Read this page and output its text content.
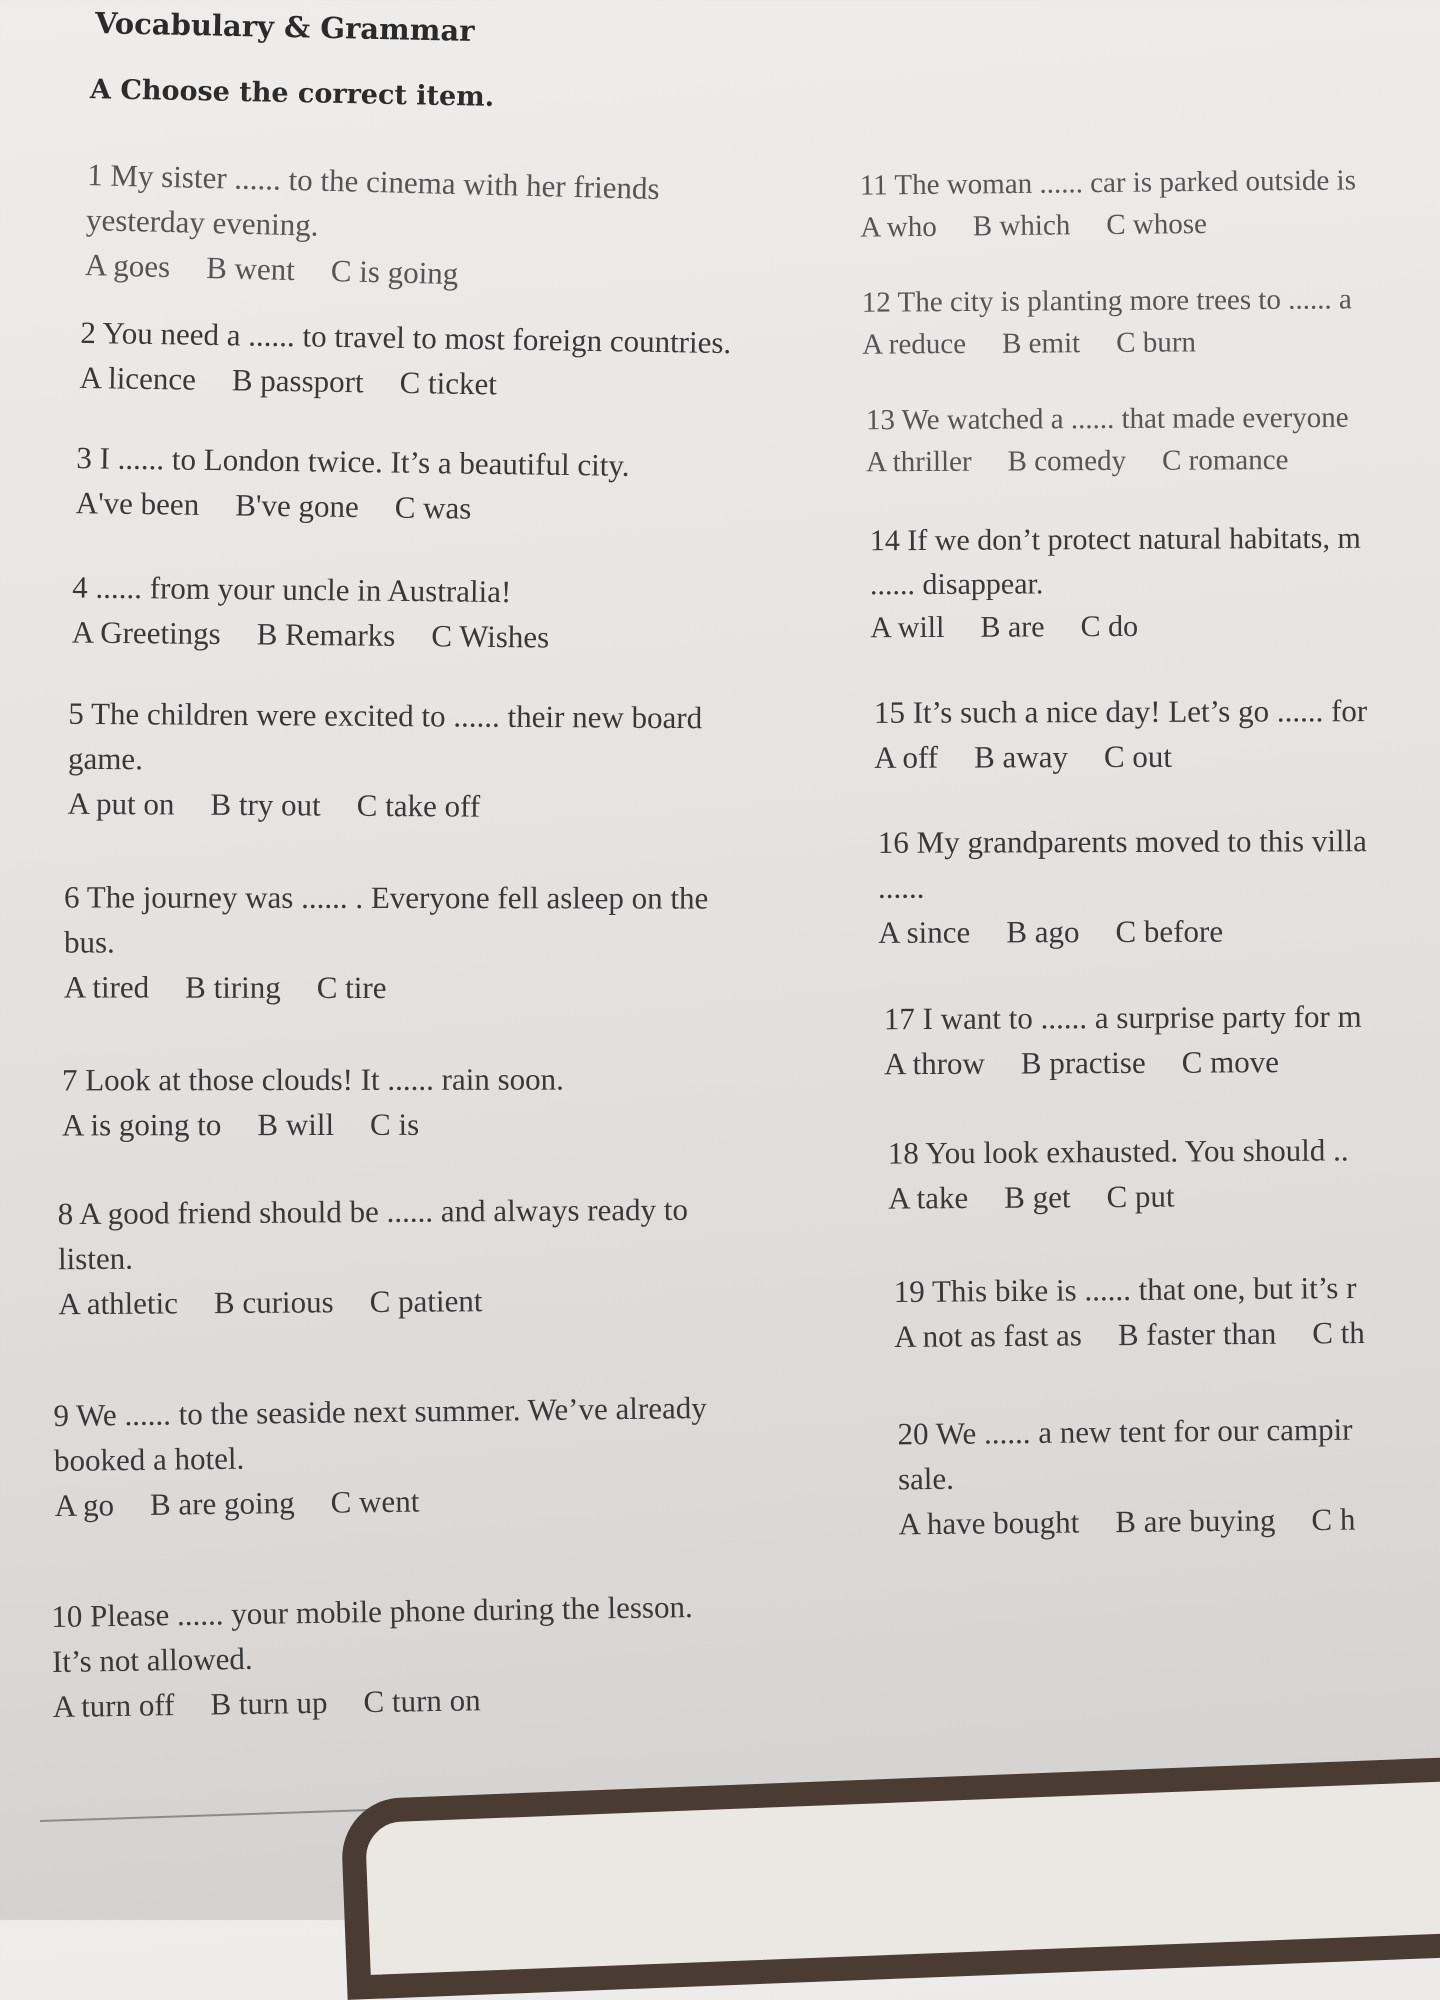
Vocabulary & Grammar
A Choose the correct item.
1 My sister ...... to the cinema with her friends
yesterday evening.
A goes B went C is going
2 You need a ...... to travel to most foreign countries.
A licence B passport C ticket
3 I ...... to London twice. It’s a beautiful city.
A've been B've gone C was
4 ...... from your uncle in Australia!
A Greetings B Remarks C Wishes
5 The children were excited to ...... their new board
game.
A put on B try out C take off
6 The journey was ...... . Everyone fell asleep on the
bus.
A tired B tiring C tire
7 Look at those clouds! It ...... rain soon.
A is going to B will C is
8 A good friend should be ...... and always ready to
listen.
A athletic B curious C patient
9 We ...... to the seaside next summer. We’ve already
booked a hotel.
A go B are going C went
10 Please ...... your mobile phone during the lesson.
It’s not allowed.
A turn off B turn up C turn on
11 The woman ...... car is parked outside is
A who B which C whose
12 The city is planting more trees to ...... a
A reduce B emit C burn
13 We watched a ...... that made everyone
A thriller B comedy C romance
14 If we don’t protect natural habitats, m
...... disappear.
A will B are C do
15 It’s such a nice day! Let’s go ...... for
A off B away C out
16 My grandparents moved to this villa
......
A since B ago C before
17 I want to ...... a surprise party for m
A throw B practise C move
18 You look exhausted. You should ..
A take B get C put
19 This bike is ...... that one, but it’s r
A not as fast as B faster than C th
20 We ...... a new tent for our campir
sale.
A have bought B are buying C h
